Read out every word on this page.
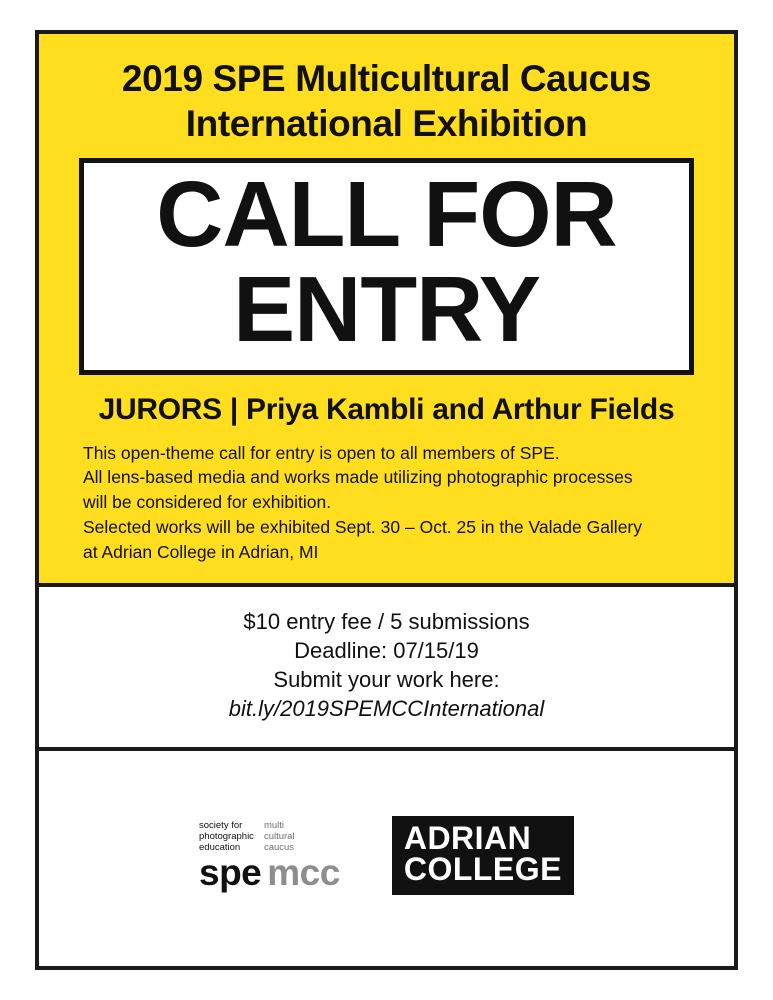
2019 SPE Multicultural Caucus
International Exhibition
CALL FOR
ENTRY
JURORS | Priya Kambli and Arthur Fields

This open-theme call for entry is open to all members of SPE.

All lens-based media and works made utilizing photographic processes

will be considered for exhibition.

Selected works will be exhibited Sept. 30 – Oct. 25 in the Valade Gallery

at Adrian College in Adrian, MI

$10 entry fee / 5 submissions
Deadline: 07/15/19
Submit your work here:
bit.ly/2019SPEMCCInternational
society for
photographic
education
multi
cultural
caucus
spe mcc
ADRIAN
COLLEGE
